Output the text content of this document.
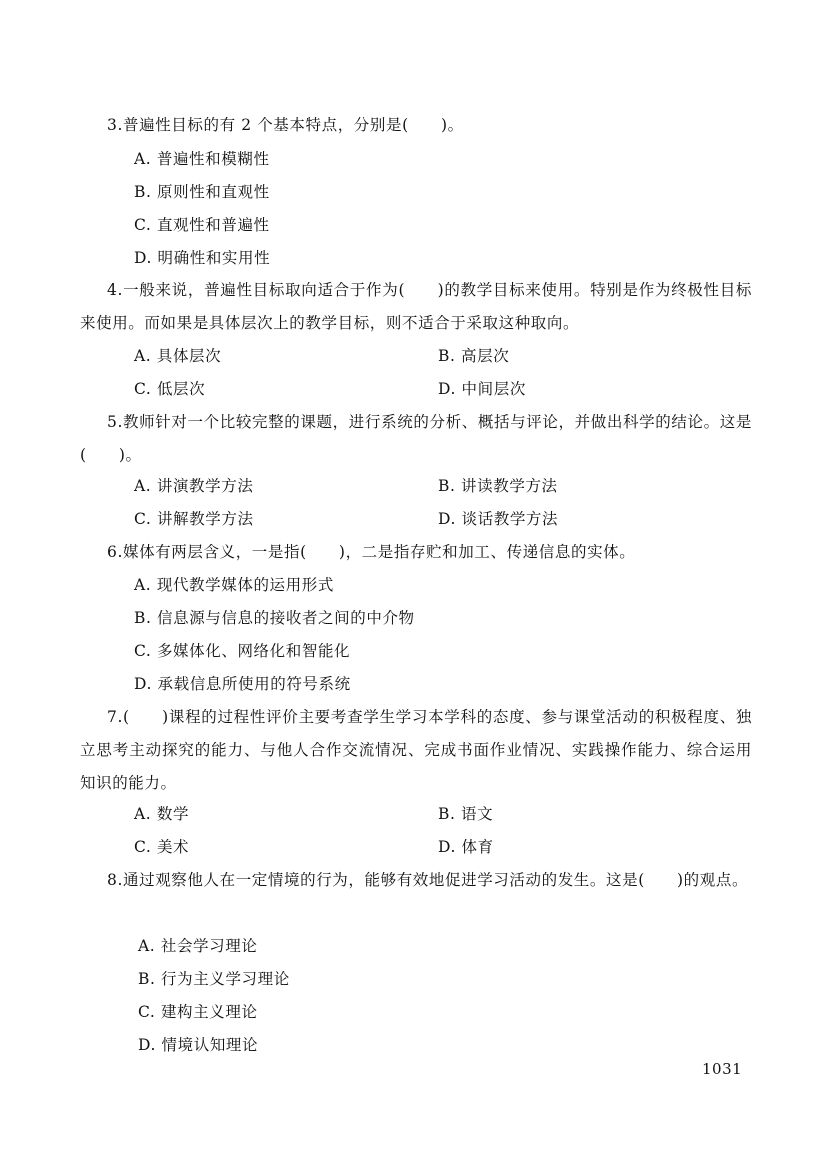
3.普遍性目标的有 2 个基本特点，分别是(　　)。
A. 普遍性和模糊性
B. 原则性和直观性
C. 直观性和普遍性
D. 明确性和实用性
4.一般来说，普遍性目标取向适合于作为(　　)的教学目标来使用。特别是作为终极性目标来使用。而如果是具体层次上的教学目标，则不适合于采取这种取向。
A. 具体层次	B. 高层次
C. 低层次	D. 中间层次
5.教师针对一个比较完整的课题，进行系统的分析、概括与评论，并做出科学的结论。这是(　　)。
A. 讲演教学方法	B. 讲读教学方法
C. 讲解教学方法	D. 谈话教学方法
6.媒体有两层含义，一是指(　　)，二是指存贮和加工、传递信息的实体。
A. 现代教学媒体的运用形式
B. 信息源与信息的接收者之间的中介物
C. 多媒体化、网络化和智能化
D. 承载信息所使用的符号系统
7.(　　)课程的过程性评价主要考查学生学习本学科的态度、参与课堂活动的积极程度、独立思考主动探究的能力、与他人合作交流情况、完成书面作业情况、实践操作能力、综合运用知识的能力。
A. 数学	B. 语文
C. 美术	D. 体育
8.通过观察他人在一定情境的行为，能够有效地促进学习活动的发生。这是(　　)的观点。
A. 社会学习理论
B. 行为主义学习理论
C. 建构主义理论
D. 情境认知理论
1031
